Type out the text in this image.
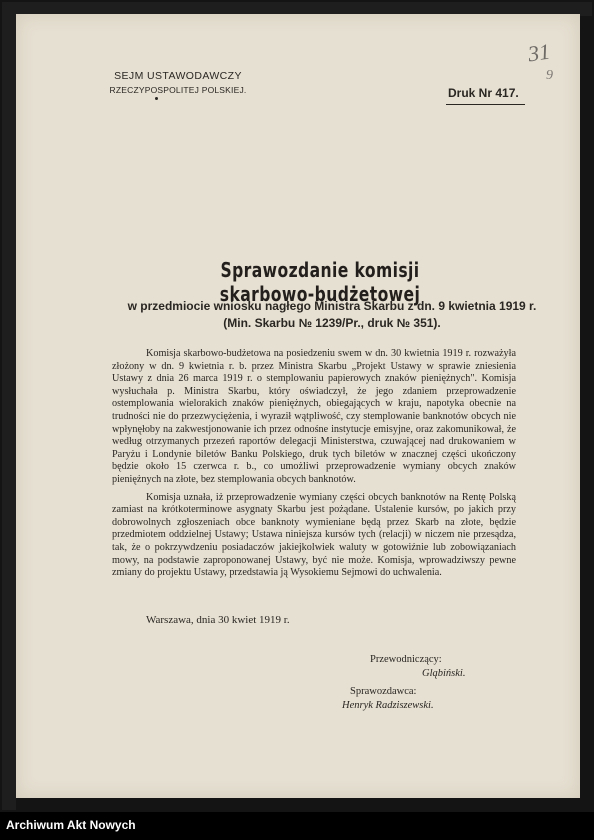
SEJM USTAWODAWCZY
RZECZYPOSPOLITEJ POLSKIEJ.	Druk Nr 417.
31
9
Sprawozdanie komisji skarbowo-budżetowej
w przedmiocie wniosku nagłego Ministra Skarbu z dn. 9 kwietnia 1919 r. (Min. Skarbu № 1239/Pr., druk № 351).

Komisja skarbowo-budżetowa na posiedzeniu swem w dn. 30 kwietnia 1919 r. rozważyła złożony w dn. 9 kwietnia r. b. przez Ministra Skarbu „Projekt Ustawy w sprawie zniesienia Ustawy z dnia 26 marca 1919 r. o stemplowaniu papierowych znaków pieniężnych". Komisja wysłuchała p. Ministra Skarbu, który oświadczył, że jego zdaniem przeprowadzenie ostemplowania wielorakich znaków pieniężnych, obiegających w kraju, napotyka obecnie na trudności nie do przezwyciężenia, i wyraził wątpliwość, czy stemplowanie banknotów obcych nie wpłynęłoby na zakwestjonowanie ich przez odnośne instytucje emisyjne, oraz zakomunikował, że według otrzymanych przezeń raportów delegacji Ministerstwa, czuwającej nad drukowaniem w Paryżu i Londynie biletów Banku Polskiego, druk tych biletów w znacznej części ukończony będzie około 15 czerwca r. b., co umożliwi przeprowadzenie wymiany obcych znaków pieniężnych na złote, bez stemplowania obcych banknotów.

Komisja uznała, iż przeprowadzenie wymiany części obcych banknotów na Rentę Polską zamiast na krótkoterminowe asygnaty Skarbu jest pożądane. Ustalenie kursów, po jakich przy dobrowolnych zgłoszeniach obce banknoty wymieniane będą przez Skarb na złote, będzie przedmiotem oddzielnej Ustawy; Ustawa niniejsza kursów tych (relacji) w niczem nie przesądza, tak, że o pokrzywdzeniu posiadaczów jakiejkolwiek waluty w gotowiźnie lub zobowiązaniach mowy, na podstawie zaproponowanej Ustawy, być nie może. Komisja, wprowadziwszy pewne zmiany do projektu Ustawy, przedstawia ją Wysokiemu Sejmowi do uchwalenia.

Warszawa, dnia 30 kwiet 1919 r.
Przewodniczący:
Gląbiński.
Sprawozdawca:
Henryk Radziszewski.
Archiwum Akt Nowych
